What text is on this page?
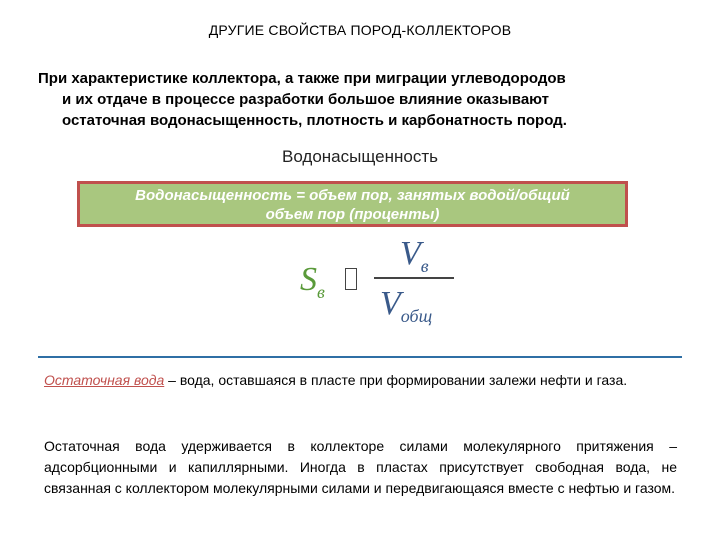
ДРУГИЕ СВОЙСТВА ПОРОД-КОЛЛЕКТОРОВ
При характеристике коллектора, а также при миграции углеводородов
и их отдаче в процессе разработки большое влияние оказывают
остаточная водонасыщенность, плотность и карбонатность пород.
Водонасыщенность
Водонасыщенность = объем пор, занятых водой/общий
объем пор (проценты)
$S_в$
$V_в$
$V_{общ}$
Остаточная вода – вода, оставшаяся в пласте при формировании залежи нефти и газа.
Остаточная вода удерживается в коллекторе силами молекулярного притяжения – адсорбционными и капиллярными. Иногда в пластах присутствует свободная вода, не связанная с коллектором молекулярными силами и передвигающаяся вместе с нефтью и газом.
